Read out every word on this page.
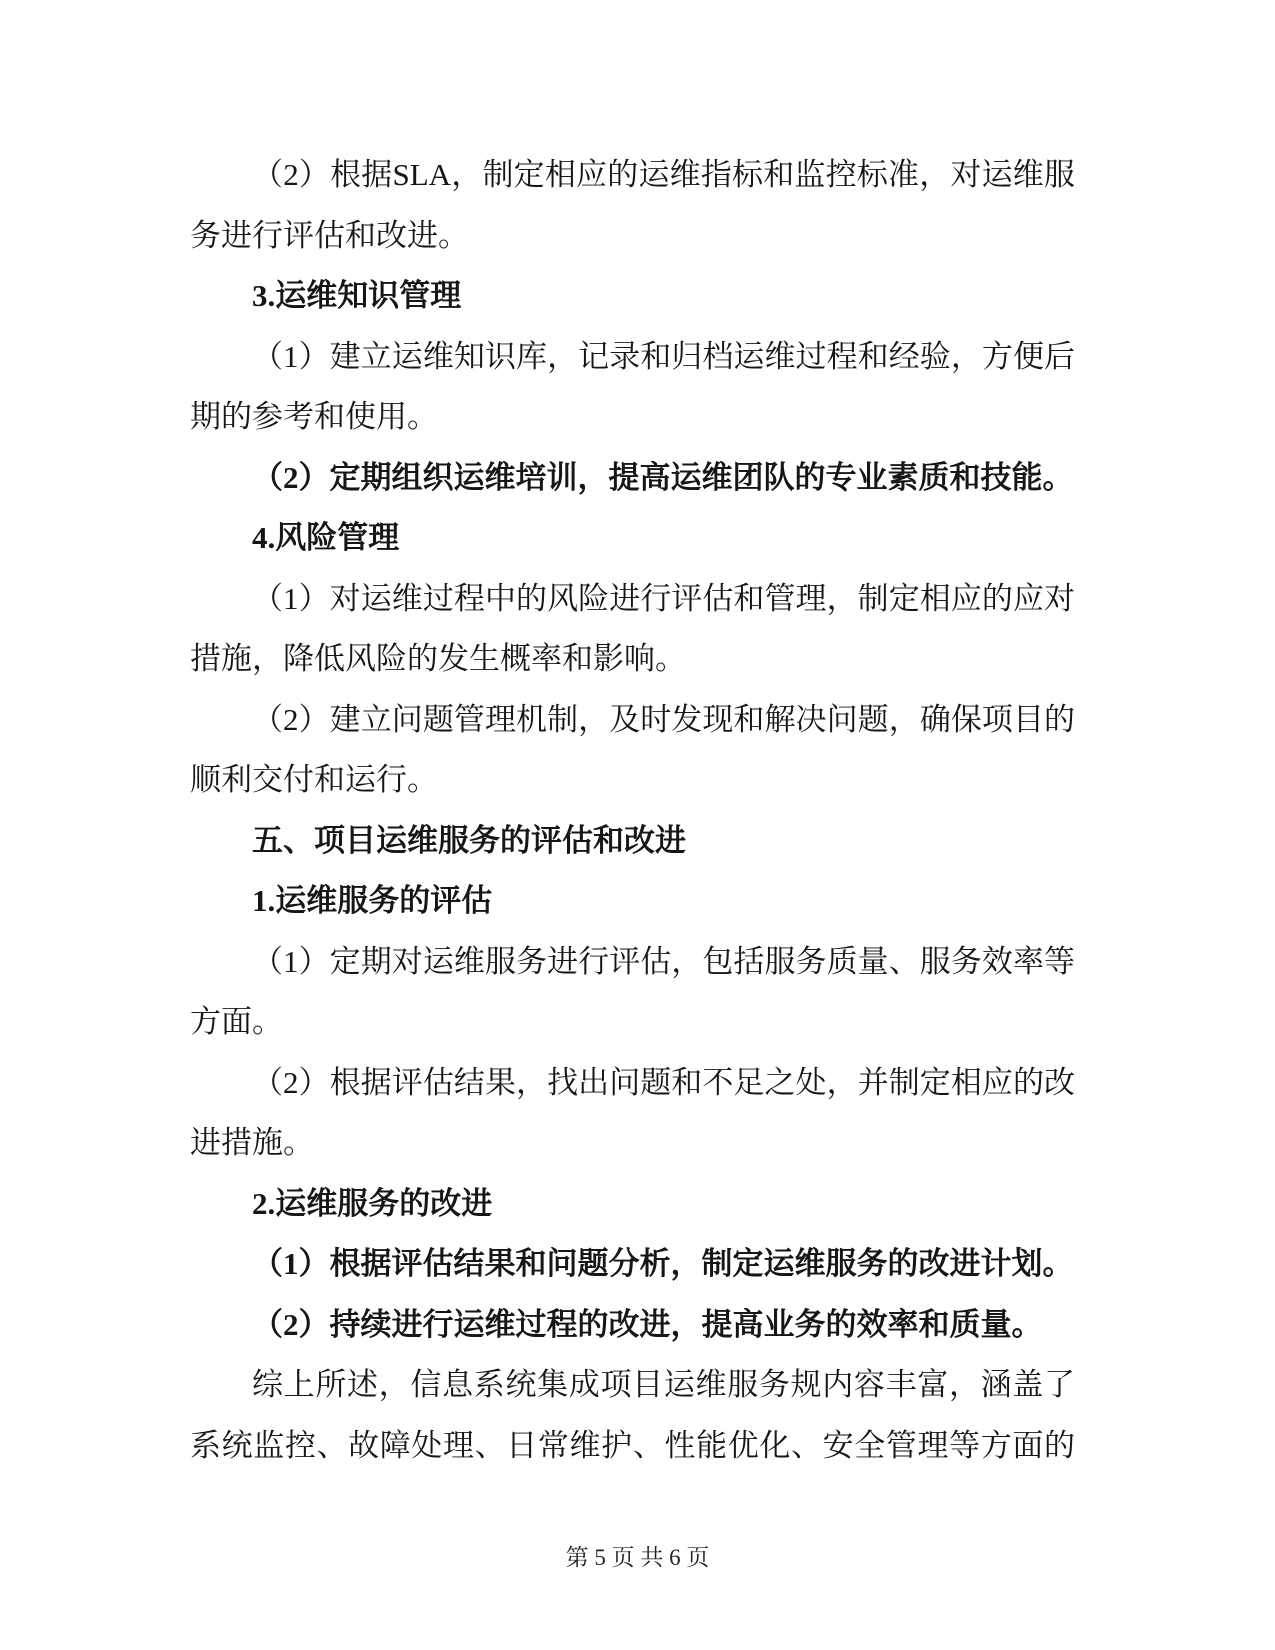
（2）根据SLA，制定相应的运维指标和监控标准，对运维服
务进行评估和改进。
3.运维知识管理
（1）建立运维知识库，记录和归档运维过程和经验，方便后
期的参考和使用。
（2）定期组织运维培训，提高运维团队的专业素质和技能。
4.风险管理
（1）对运维过程中的风险进行评估和管理，制定相应的应对
措施，降低风险的发生概率和影响。
（2）建立问题管理机制，及时发现和解决问题，确保项目的
顺利交付和运行。
五、项目运维服务的评估和改进
1.运维服务的评估
（1）定期对运维服务进行评估，包括服务质量、服务效率等
方面。
（2）根据评估结果，找出问题和不足之处，并制定相应的改
进措施。
2.运维服务的改进
（1）根据评估结果和问题分析，制定运维服务的改进计划。
（2）持续进行运维过程的改进，提高业务的效率和质量。
综上所述，信息系统集成项目运维服务规内容丰富，涵盖了
系统监控、故障处理、日常维护、性能优化、安全管理等方面的
第 5 页 共 6 页
